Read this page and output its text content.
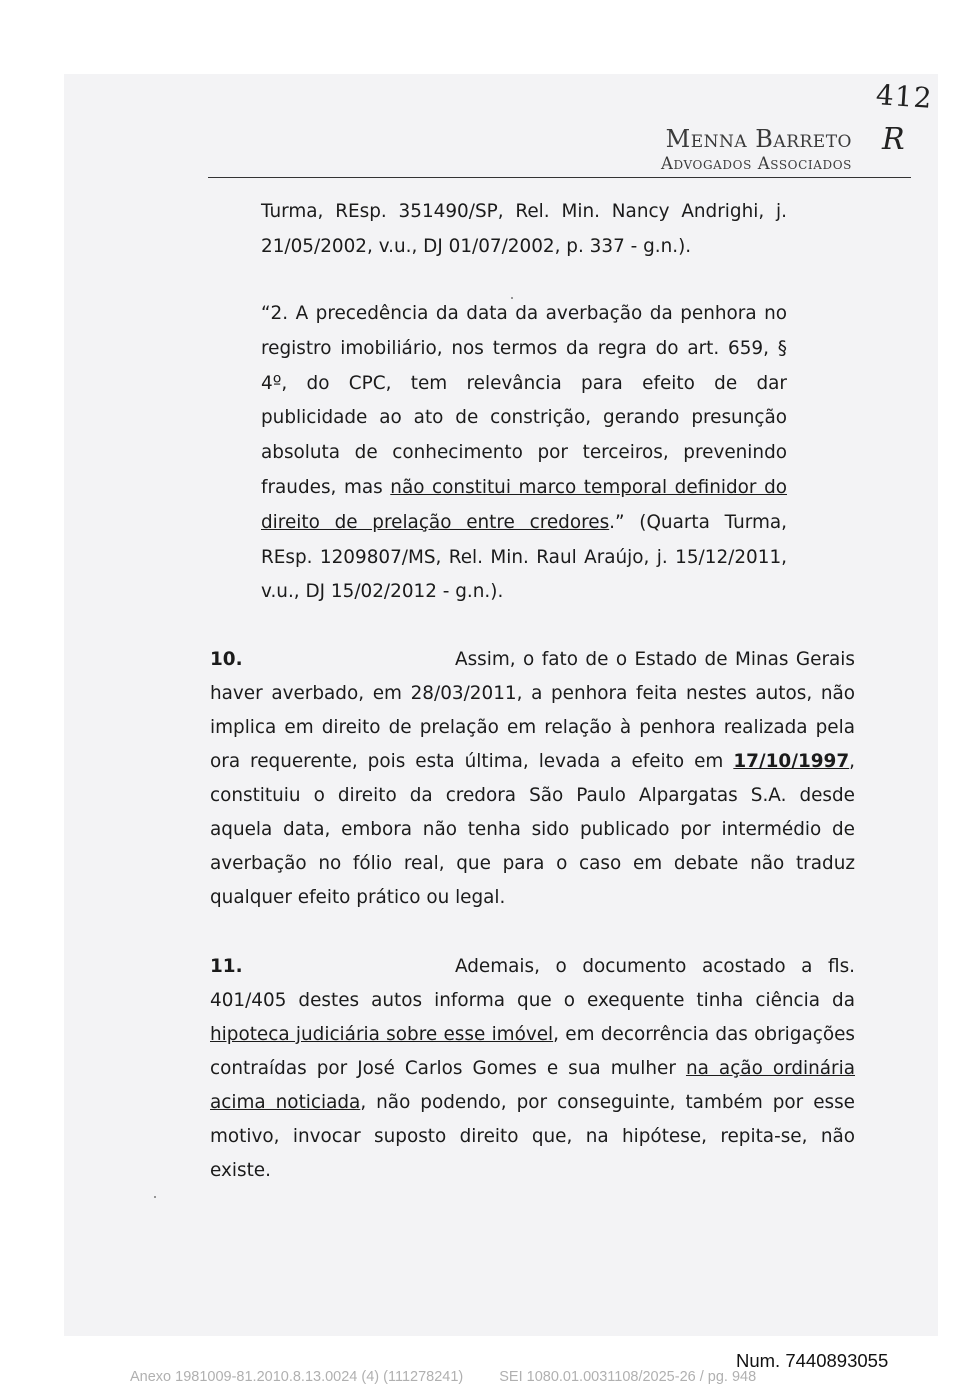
412
R
Menna Barreto
Advogados Associados
Turma, REsp. 351490/SP, Rel. Min. Nancy Andrighi, j. 21/05/2002, v.u., DJ 01/07/2002, p. 337 - g.n.).
“2. A precedência da data da averbação da penhora no registro imobiliário, nos termos da regra do art. 659, § 4º, do CPC, tem relevância para efeito de dar publicidade ao ato de constrição, gerando presunção absoluta de conhecimento por terceiros, prevenindo fraudes, mas não constitui marco temporal definidor do direito de prelação entre credores.” (Quarta Turma, REsp. 1209807/MS, Rel. Min. Raul Araújo, j. 15/12/2011, v.u., DJ 15/02/2012 - g.n.).
10.	Assim, o fato de o Estado de Minas Gerais haver averbado, em 28/03/2011, a penhora feita nestes autos, não implica em direito de prelação em relação à penhora realizada pela ora requerente, pois esta última, levada a efeito em 17/10/1997, constituiu o direito da credora São Paulo Alpargatas S.A. desde aquela data, embora não tenha sido publicado por intermédio de averbação no fólio real, que para o caso em debate não traduz qualquer efeito prático ou legal.
11.	Ademais, o documento acostado a fls. 401/405 destes autos informa que o exequente tinha ciência da hipoteca judiciária sobre esse imóvel, em decorrência das obrigações contraídas por José Carlos Gomes e sua mulher na ação ordinária acima noticiada, não podendo, por conseguinte, também por esse motivo, invocar suposto direito que, na hipótese, repita-se, não existe.
Num. 7440893055
Anexo 1981009-81.2010.8.13.0024 (4) (111278241) SEI 1080.01.0031108/2025-26 / pg. 948
